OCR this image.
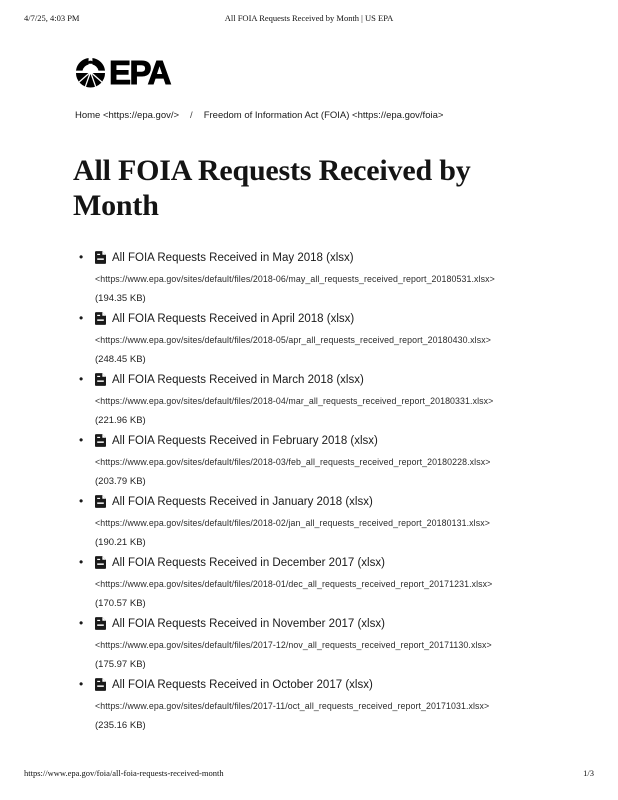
4/7/25, 4:03 PM	All FOIA Requests Received by Month | US EPA
EPA
Home <https://epa.gov/> / Freedom of Information Act (FOIA) <https://epa.gov/foia>
All FOIA Requests Received by Month
•	All FOIA Requests Received in May 2018 (xlsx)
<https://www.epa.gov/sites/default/files/2018-06/may_all_requests_received_report_20180531.xlsx>
(194.35 KB)
•	All FOIA Requests Received in April 2018 (xlsx)
<https://www.epa.gov/sites/default/files/2018-05/apr_all_requests_received_report_20180430.xlsx>
(248.45 KB)
•	All FOIA Requests Received in March 2018 (xlsx)
<https://www.epa.gov/sites/default/files/2018-04/mar_all_requests_received_report_20180331.xlsx>
(221.96 KB)
•	All FOIA Requests Received in February 2018 (xlsx)
<https://www.epa.gov/sites/default/files/2018-03/feb_all_requests_received_report_20180228.xlsx>
(203.79 KB)
•	All FOIA Requests Received in January 2018 (xlsx)
<https://www.epa.gov/sites/default/files/2018-02/jan_all_requests_received_report_20180131.xlsx>
(190.21 KB)
•	All FOIA Requests Received in December 2017 (xlsx)
<https://www.epa.gov/sites/default/files/2018-01/dec_all_requests_received_report_20171231.xlsx>
(170.57 KB)
•	All FOIA Requests Received in November 2017 (xlsx)
<https://www.epa.gov/sites/default/files/2017-12/nov_all_requests_received_report_20171130.xlsx>
(175.97 KB)
•	All FOIA Requests Received in October 2017 (xlsx)
<https://www.epa.gov/sites/default/files/2017-11/oct_all_requests_received_report_20171031.xlsx>
(235.16 KB)
https://www.epa.gov/foia/all-foia-requests-received-month	1/3
